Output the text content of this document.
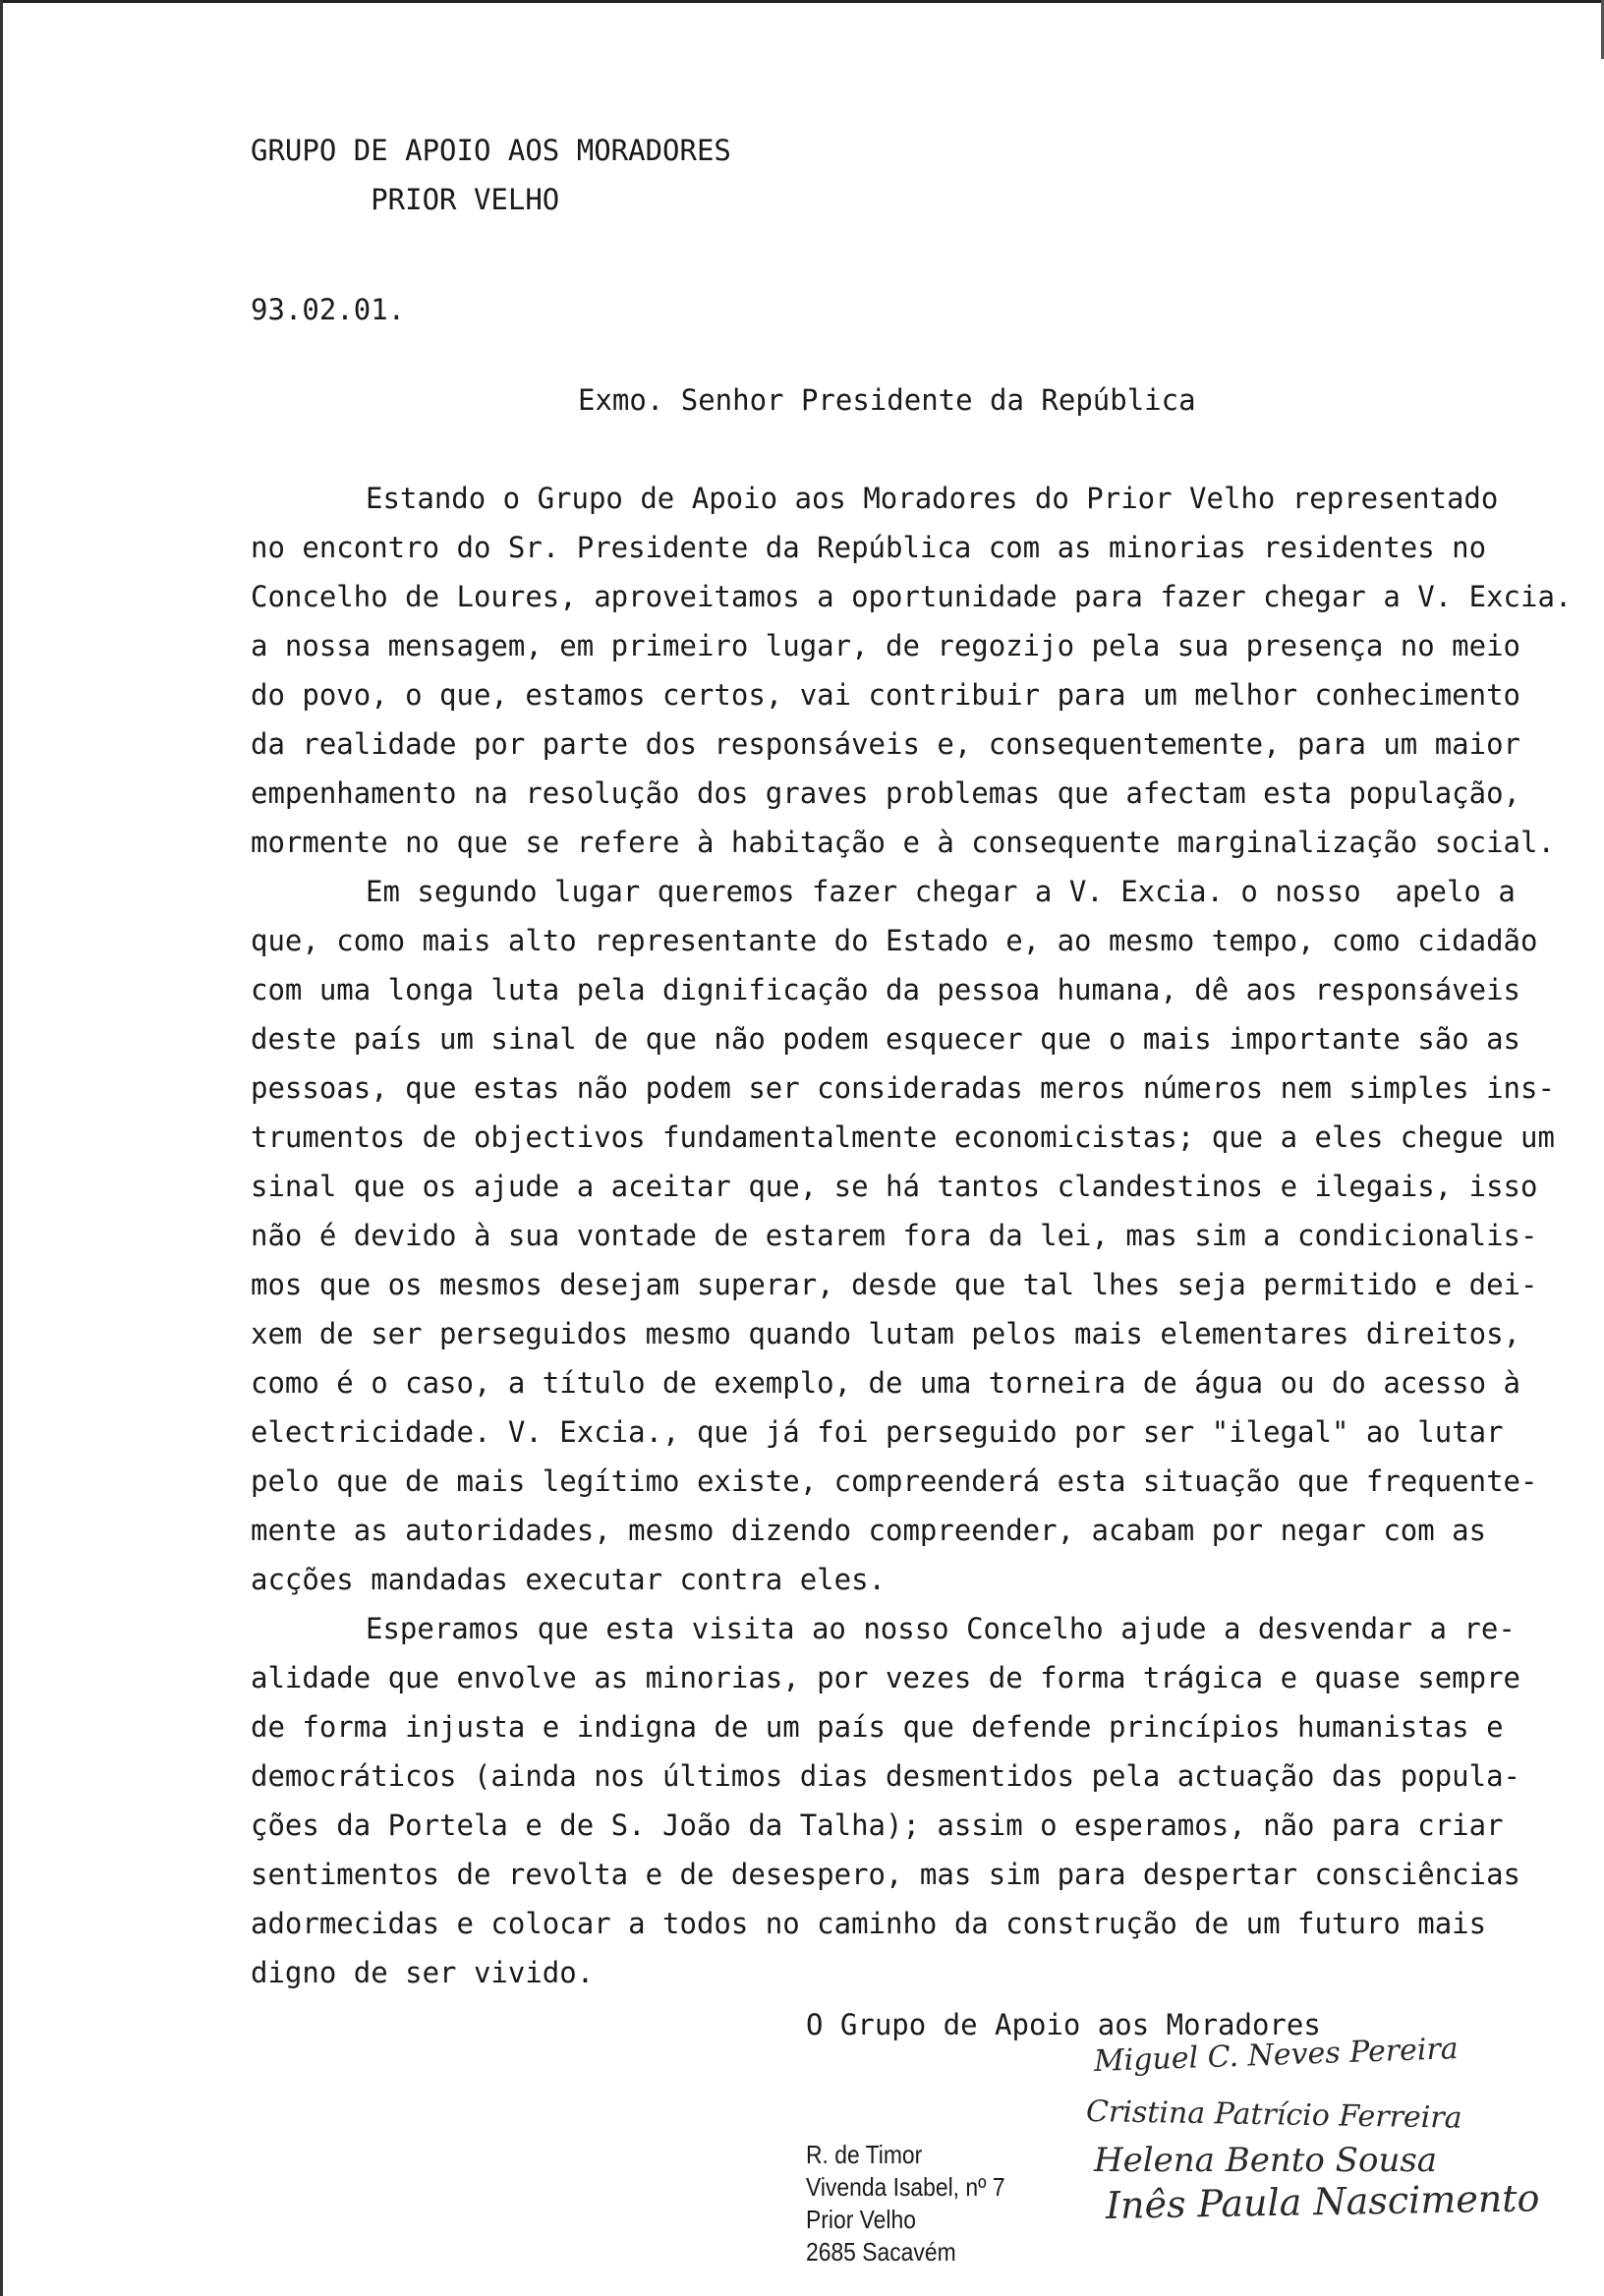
GRUPO DE APOIO AOS MORADORES
PRIOR VELHO
93.02.01.
Exmo. Senhor Presidente da República
Estando o Grupo de Apoio aos Moradores do Prior Velho representado
no encontro do Sr. Presidente da República com as minorias residentes no
Concelho de Loures, aproveitamos a oportunidade para fazer chegar a V. Excia.
a nossa mensagem, em primeiro lugar, de regozijo pela sua presença no meio
do povo, o que, estamos certos, vai contribuir para um melhor conhecimento
da realidade por parte dos responsáveis e, consequentemente, para um maior
empenhamento na resolução dos graves problemas que afectam esta população,
mormente no que se refere à habitação e à consequente marginalização social.
Em segundo lugar queremos fazer chegar a V. Excia. o nosso  apelo a
que, como mais alto representante do Estado e, ao mesmo tempo, como cidadão
com uma longa luta pela dignificação da pessoa humana, dê aos responsáveis
deste país um sinal de que não podem esquecer que o mais importante são as
pessoas, que estas não podem ser consideradas meros números nem simples ins-
trumentos de objectivos fundamentalmente economicistas; que a eles chegue um
sinal que os ajude a aceitar que, se há tantos clandestinos e ilegais, isso
não é devido à sua vontade de estarem fora da lei, mas sim a condicionalis-
mos que os mesmos desejam superar, desde que tal lhes seja permitido e dei-
xem de ser perseguidos mesmo quando lutam pelos mais elementares direitos,
como é o caso, a título de exemplo, de uma torneira de água ou do acesso à
electricidade. V. Excia., que já foi perseguido por ser "ilegal" ao lutar
pelo que de mais legítimo existe, compreenderá esta situação que frequente-
mente as autoridades, mesmo dizendo compreender, acabam por negar com as
acções mandadas executar contra eles.
Esperamos que esta visita ao nosso Concelho ajude a desvendar a re-
alidade que envolve as minorias, por vezes de forma trágica e quase sempre
de forma injusta e indigna de um país que defende princípios humanistas e
democráticos (ainda nos últimos dias desmentidos pela actuação das popula-
ções da Portela e de S. João da Talha); assim o esperamos, não para criar
sentimentos de revolta e de desespero, mas sim para despertar consciências
adormecidas e colocar a todos no caminho da construção de um futuro mais
digno de ser vivido.
O Grupo de Apoio aos Moradores
R. de Timor
Vivenda Isabel, nº 7
Prior Velho
2685 Sacavém
Miguel C. Neves Pereira
Cristina Patrício Ferreira
Helena Bento Sousa
Inês Paula Nascimento
